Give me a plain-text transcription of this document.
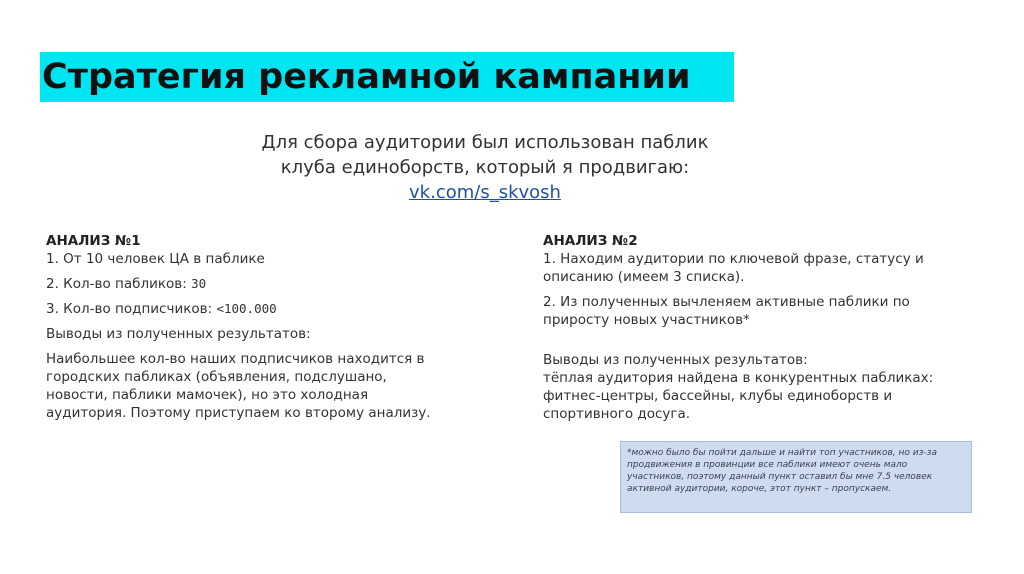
Стратегия рекламной кампании
Для сбора аудитории был использован паблик
клуба единоборств, который я продвигаю:
vk.com/s_skvosh
АНАЛИЗ №1
1. От 10 человек ЦА в паблике
2. Кол-во пабликов: 30
3. Кол-во подписчиков: <100.000
Выводы из полученных результатов:
Наибольшее кол-во наших подписчиков находится в
городских пабликах (объявления, подслушано,
новости, паблики мамочек), но это холодная
аудитория. Поэтому приступаем ко второму анализу.
АНАЛИЗ №2
1. Находим аудитории по ключевой фразе, статусу и
описанию (имеем 3 списка).
2. Из полученных вычленяем активные паблики по
приросту новых участников*
Выводы из полученных результатов:
тёплая аудитория найдена в конкурентных пабликах:
фитнес-центры, бассейны, клубы единоборств и
спортивного досуга.
*можно было бы пойти дальше и найти топ участников, но из-за
продвижения в провинции все паблики имеют очень мало
участников, поэтому данный пункт оставил бы мне 7.5 человек
активной аудитории, короче, этот пункт – пропускаем.
